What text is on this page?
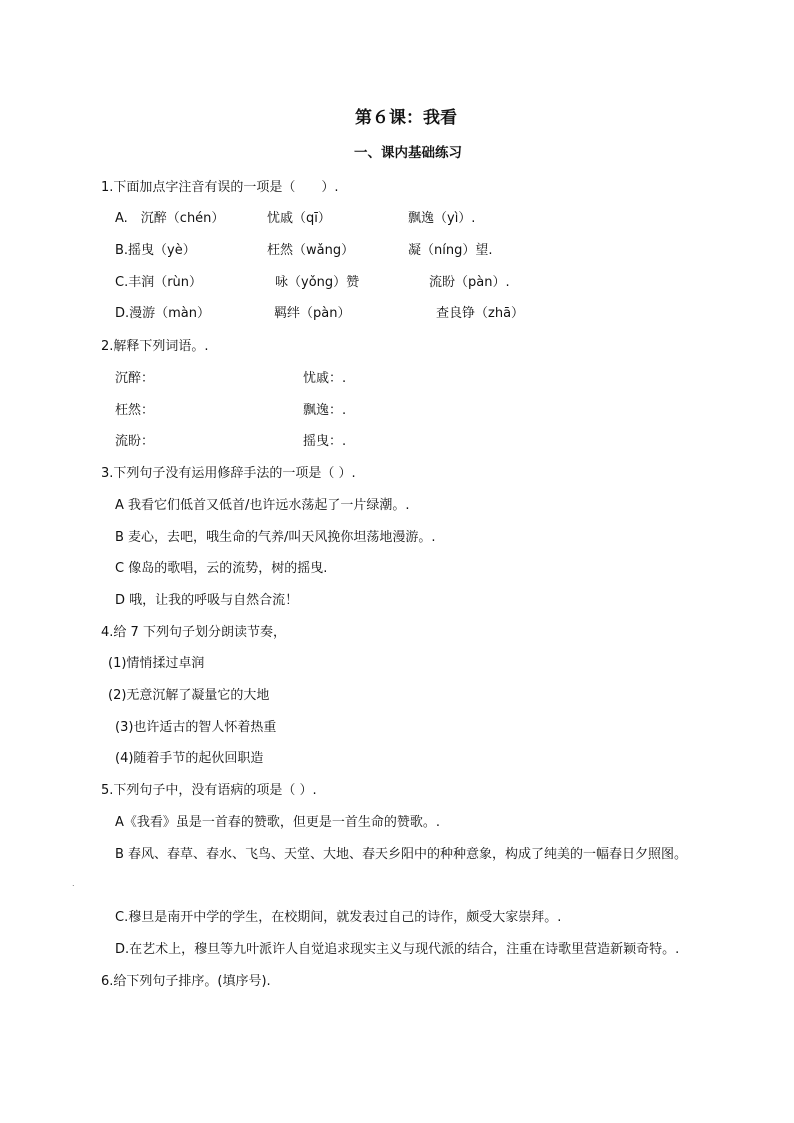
第６课：我看
一、课内基础练习
1.下面加点字注音有误的一项是（　　）.
A.　沉醉（chén）	忧戚（qī）	飘逸（yì）.
B.摇曳（yè）	枉然（wǎng）	凝（níng）望.
C.丰润（rùn）	咏（yǒng）赞	流盼（pàn）.
D.漫游（màn）	羁绊（pàn）	查良铮（zhā）
2.解释下列词语。.
沉醉：	忧戚：.
枉然：	飘逸：.
流盼：	摇曳：.
3.下列句子没有运用修辞手法的一项是（ ）.
A 我看它们低首又低首/也许远水荡起了一片绿潮。.
B 麦心，去吧，哦生命的气养/叫天风挽你坦荡地漫游。.
C 像岛的歌唱，云的流势，树的摇曳.
D 哦，让我的呼吸与自然合流！
4.给 7 下列句子划分朗读节奏，
(1)情悄揉过卓润
(2)无意沉解了凝量它的大地
(3)也许适古的智人怀着热重
(4)随着手节的起伙回职造
5.下列句子中，没有语病的项是（ ）.
A《我看》虽是一首春的赞歌，但更是一首生命的赞歌。.
B 春风、春草、春水、飞鸟、天堂、大地、春天乡阳中的种种意象，构成了纯美的一幅春日夕照图。
.
C.穆旦是南开中学的学生，在校期间，就发表过自己的诗作，颇受大家崇拜。.
D.在艺术上，穆旦等九叶派许人自觉追求现实主义与现代派的结合，注重在诗歌里营造新颖奇特。.
6.给下列句子排序。(填序号).
